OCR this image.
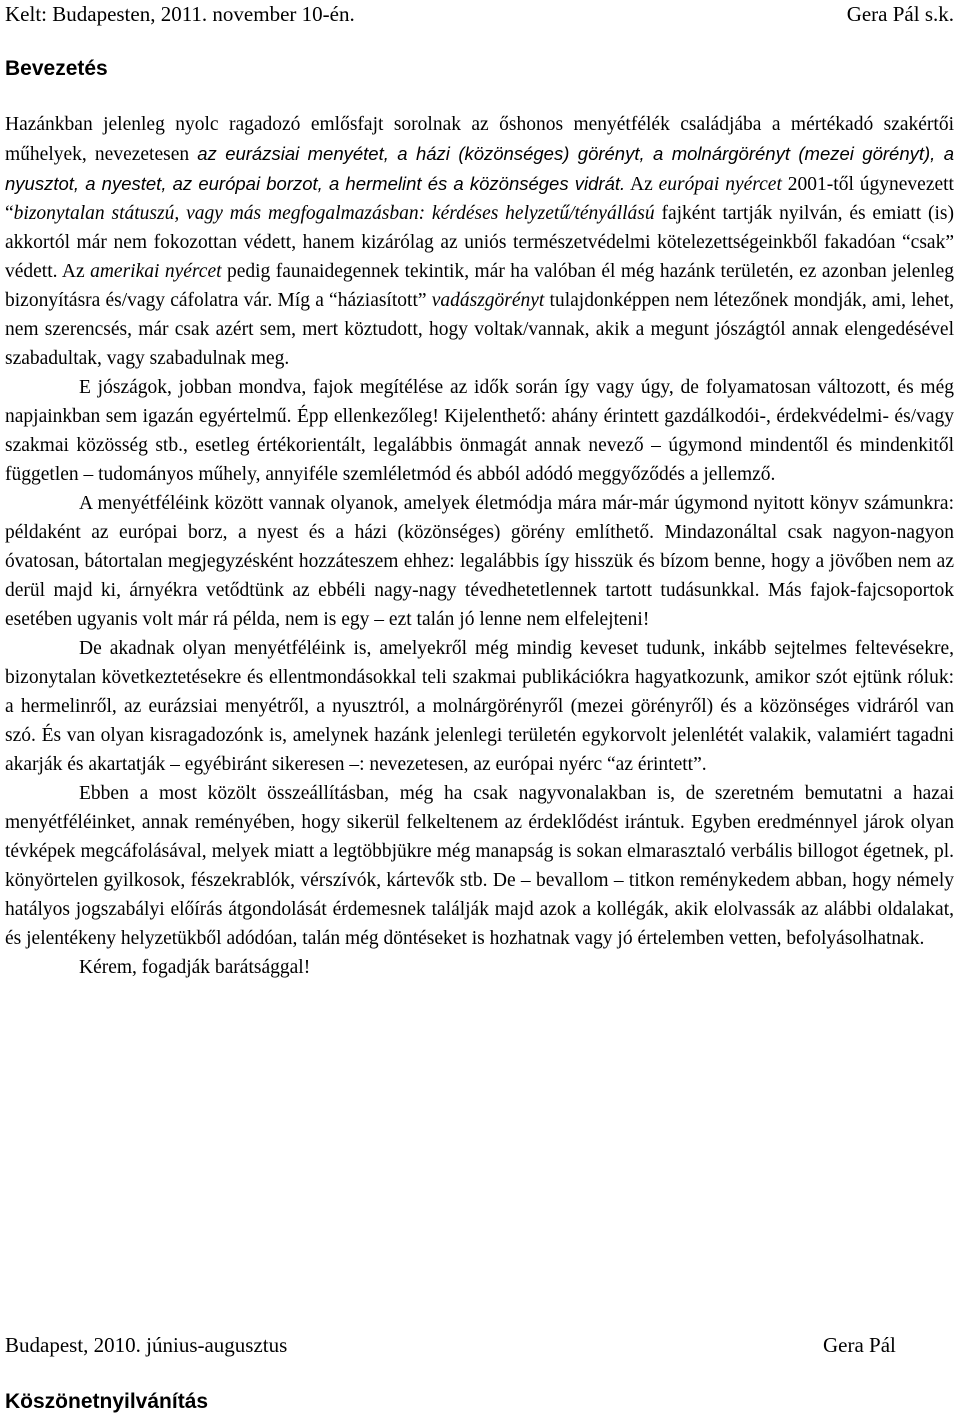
Kelt: Budapesten, 2011. november 10-én.	Gera Pál s.k.
Bevezetés

Hazánkban jelenleg nyolc ragadozó emlősfajt sorolnak az őshonos menyétfélék családjába a mértékadó szakértői műhelyek, nevezetesen az eurázsiai menyétet, a házi (közönséges) görényt, a molnárgörényt (mezei görényt), a nyusztot, a nyestet, az európai borzot, a hermelint és a közönséges vidrát. Az európai nyércet 2001-től úgynevezett “bizonytalan státuszú, vagy más megfogalmazásban: kérdéses helyzetű/tényállású fajként tartják nyilván, és emiatt (is) akkortól már nem fokozottan védett, hanem kizárólag az uniós természetvédelmi kötelezettségeinkből fakadóan “csak” védett. Az amerikai nyércet pedig faunaidegennek tekintik, már ha valóban él még hazánk területén, ez azonban jelenleg bizonyításra és/vagy cáfolatra vár. Míg a “háziasított” vadászgörényt tulajdonképpen nem létezőnek mondják, ami, lehet, nem szerencsés, már csak azért sem, mert köztudott, hogy voltak/vannak, akik a megunt jószágtól annak elengedésével szabadultak, vagy szabadulnak meg.

E jószágok, jobban mondva, fajok megítélése az idők során így vagy úgy, de folyamatosan változott, és még napjainkban sem igazán egyértelmű. Épp ellenkezőleg! Kijelenthető: ahány érintett gazdálkodói-, érdekvédelmi- és/vagy szakmai közösség stb., esetleg értékorientált, legalábbis önmagát annak nevező – úgymond mindentől és mindenkitől független – tudományos műhely, annyiféle szemléletmód és abból adódó meggyőződés a jellemző.

A menyétféléink között vannak olyanok, amelyek életmódja mára már-már úgymond nyitott könyv számunkra: példaként az európai borz, a nyest és a házi (közönséges) görény említhető. Mindazonáltal csak nagyon-nagyon óvatosan, bátortalan megjegyzésként hozzáteszem ehhez: legalábbis így hisszük és bízom benne, hogy a jövőben nem az derül majd ki, árnyékra vetődtünk az ebbéli nagy-nagy tévedhetetlennek tartott tudásunkkal. Más fajok-fajcsoportok esetében ugyanis volt már rá példa, nem is egy – ezt talán jó lenne nem elfelejteni!

De akadnak olyan menyétféléink is, amelyekről még mindig keveset tudunk, inkább sejtelmes feltevésekre, bizonytalan következtetésekre és ellentmondásokkal teli szakmai publikációkra hagyatkozunk, amikor szót ejtünk róluk: a hermelinről, az eurázsiai menyétről, a nyusztról, a molnárgörényről (mezei görényről) és a közönséges vidráról van szó. És van olyan kisragadozónk is, amelynek hazánk jelenlegi területén egykorvolt jelenlétét valakik, valamiért tagadni akarják és akartatják – egyébiránt sikeresen –: nevezetesen, az európai nyérc “az érintett”.

Ebben a most közölt összeállításban, még ha csak nagyvonalakban is, de szeretném bemutatni a hazai menyétféléinket, annak reményében, hogy sikerül felkeltenem az érdeklődést irántuk. Egyben eredménnyel járok olyan tévképek megcáfolásával, melyek miatt a legtöbbjükre még manapság is sokan elmarasztaló verbális billogot égetnek, pl. könyörtelen gyilkosok, fészekrablók, vérszívók, kártevők stb. De – bevallom – titkon reménykedem abban, hogy némely hatályos jogszabályi előírás átgondolását érdemesnek találják majd azok a kollégák, akik elolvassák az alábbi oldalakat, és jelentékeny helyzetükből adódóan, talán még döntéseket is hozhatnak vagy jó értelemben vetten, befolyásolhatnak.

Kérem, fogadják barátsággal!

Budapest, 2010. június-augusztus	Gera Pál
Köszönetnyilvánítás
